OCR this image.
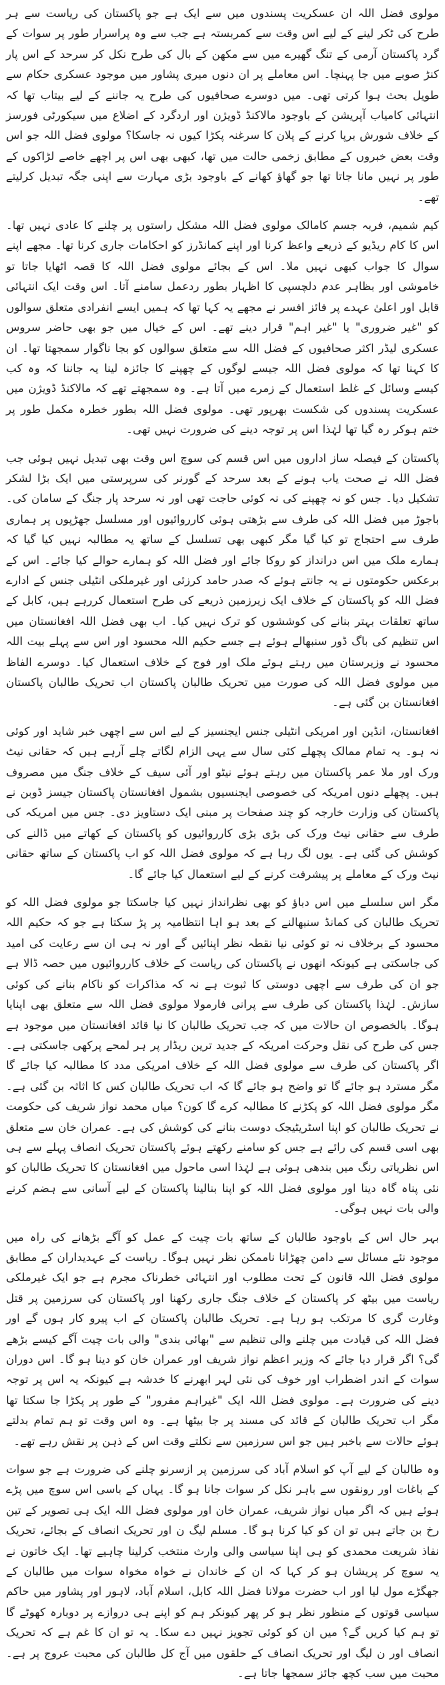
مولوی فضل اللہ ان عسکریت پسندوں میں سے ایک ہے جو پاکستان کی ریاست سے ہر طرح کی ٹکر لینے کے لیے اس وقت سے کمربستہ ہے جب سے وہ پراسرار طور پر سوات کے گرد پاکستان آرمی کے تنگ گھیرے میں سے مکھن کے بال کی طرح نکل کر سرحد کے اس پار کنڑ صوبے میں جا پہنچا۔ اس معاملے پر ان دنوں میری پشاور میں موجود عسکری حکام سے طویل بحث ہوا کرتی تھی۔ میں دوسرے صحافیوں کی طرح یہ جاننے کے لیے بیتاب تھا کہ انتہائی کامیاب آپریشن کے باوجود مالاکنڈ ڈویژن اور اردگرد کے اضلاع میں سیکورٹی فورسز کے خلاف شورش برپا کرنے کے پلان کا سرغنہ پکڑا کیوں نہ جاسکا؟ مولوی فضل اللہ جو اس وقت بعض خبروں کے مطابق زخمی حالت میں تھا، کبھی بھی اس پر اچھے خاصے لڑاکوں کے طور پر نہیں مانا جاتا تھا جو گھاؤ کھانے کے باوجود بڑی مہارت سے اپنی جگہ تبدیل کرلیتے تھے۔

کیم شمیم، فربہ جسم کامالک مولوی فضل اللہ مشکل راستوں پر چلنے کا عادی نہیں تھا۔ اس کا کام ریڈیو کے ذریعے واعظ کرنا اور اپنے کمانڈرز کو احکامات جاری کرنا تھا۔ مجھے اپنے سوال کا جواب کبھی نہیں ملا۔ اس کے بجائے مولوی فضل اللہ کا قصہ اٹھایا جاتا تو خاموشی اور بظاہر عدم دلچسپی کا اظہار بطور ردعمل سامنے آتا۔ اس وقت ایک انتہائی قابل اور اعلیٰ عہدے پر فائز افسر نے مجھے یہ کہا تھا کہ ہمیں ایسے انفرادی متعلق سوالوں کو "غیر ضروری" یا "غیر اہم" قرار دینے تھے۔ اس کے خیال میں جو بھی حاضر سروس عسکری لیڈر اکثر صحافیوں کے فضل اللہ سے متعلق سوالوں کو بجا ناگوار سمجھتا تھا۔ ان کا کہنا تھا کہ مولوی فضل اللہ جیسے لوگوں کے چھپنے کا جائزہ لینا یہ جاننا کہ وہ کب کیسے وسائل کے غلط استعمال کے زمرے میں آتا ہے۔ وہ سمجھتے تھے کہ مالاکنڈ ڈویژن میں عسکریت پسندوں کی شکست بھرپور تھی۔ مولوی فضل اللہ بطور خطرہ مکمل طور پر ختم ہوکر رہ گیا تھا لہٰذا اس پر توجہ دینے کی ضرورت نہیں تھی۔

پاکستان کے فیصلہ ساز اداروں میں اس قسم کی سوچ اس وقت بھی تبدیل نہیں ہوئی جب فضل اللہ نے صحت یاب ہونے کے بعد سرحد کے گورنر کی سرپرستی میں ایک بڑا لشکر تشکیل دیا۔ جس کو نہ چھپنے کی نہ کوئی حاجت تھی اور نہ سرحد پار جنگ کے سامان کی۔ باجوڑ میں فضل اللہ کی طرف سے بڑھتی ہوئی کارروائیوں اور مسلسل جھڑپوں پر ہماری طرف سے احتجاج تو کیا گیا مگر کبھی بھی تسلسل کے ساتھ یہ مطالبہ نہیں کیا گیا کہ ہمارے ملک میں اس درانداز کو روکا جائے اور فضل اللہ کو ہمارے حوالے کیا جائے۔ اس کے برعکس حکومتوں نے یہ جانتے ہوئے کہ صدر حامد کرزئی اور غیرملکی انٹیلی جنس کے ادارے فضل اللہ کو پاکستان کے خلاف ایک زیرزمین ذریعے کی طرح استعمال کررہے ہیں، کابل کے ساتھ تعلقات بہتر بنانے کی کوششوں کو ترک نہیں کیا۔ اب بھی فضل اللہ افغانستان میں اس تنظیم کی باگ ڈور سنبھالے ہوئے ہے جسے حکیم اللہ محسود اور اس سے پہلے بیت اللہ محسود نے وزیرستان میں رہتے ہوئے ملک اور فوج کے خلاف استعمال کیا۔ دوسرے الفاظ میں مولوی فضل اللہ کی صورت میں تحریک طالبان پاکستان اب تحریک طالبان پاکستان افغانستان بن گئی ہے۔

افغانستان، انڈین اور امریکی انٹیلی جنس ایجنسیز کے لیے اس سے اچھی خبر شاید اور کوئی نہ ہو۔ یہ تمام ممالک پچھلے کئی سال سے یہی الزام لگاتے چلے آرہے ہیں کہ حقانی نیٹ ورک اور ملا عمر پاکستان میں رہتے ہوئے نیٹو اور آئی سیف کے خلاف جنگ میں مصروف ہیں۔ پچھلے دنوں امریکہ کی خصوصی ایجنسیوں بشمول افغانستان پاکستان جیسز ڈوبن نے پاکستان کی وزارت خارجہ کو چند صفحات پر مبنی ایک دستاویز دی۔ جس میں امریکہ کی طرف سے حقانی نیٹ ورک کی بڑی بڑی کارروائیوں کو پاکستان کے کھاتے میں ڈالنے کی کوشش کی گئی ہے۔ یوں لگ رہا ہے کہ مولوی فضل اللہ کو اب پاکستان کے ساتھ حقانی نیٹ ورک کے معاملے پر پیشرفت کرنے کے لیے استعمال کیا جائے گا۔

مگر اس سلسلے میں اس دباؤ کو بھی نظرانداز نہیں کیا جاسکتا جو مولوی فضل اللہ کو تحریک طالبان کی کمانڈ سنبھالنے کے بعد ہو اہا انتظامیہ پر پڑ سکتا ہے جو کہ حکیم اللہ محسود کے برخلاف نہ تو کوئی نیا نقطہ نظر اپنائیں گے اور نہ ہی ان سے رعایت کی امید کی جاسکتی ہے کیونکہ انھوں نے پاکستان کی ریاست کے خلاف کارروائیوں میں حصہ ڈالا ہے جو ان کی طرف سے اچھی دوستی کا ثبوت ہے نہ کہ مذاکرات کو ناکام بنانے کی کوئی سازش۔ لہٰذا پاکستان کی طرف سے پرانی فارمولا مولوی فضل اللہ سے متعلق بھی اپنایا ہوگا۔ بالخصوص ان حالات میں کہ جب تحریک طالبان کا نیا قائد افغانستان میں موجود ہے جس کی طرح کی نقل وحرکت امریکہ کے جدید ترین ریڈار پر ہر لمحے پرکھی جاسکتی ہے۔ اگر پاکستان کی طرف سے مولوی فضل اللہ کے خلاف امریکی مدد کا مطالبہ کیا جائے گا مگر مسترد ہو جائے گا تو واضح ہو جائے گا کہ اب تحریک طالبان کس کا اثاثہ بن گئی ہے۔ مگر مولوی فضل اللہ کو پکڑنے کا مطالبہ کرے گا کون؟ میاں محمد نواز شریف کی حکومت نے تحریک طالبان کو اپنا اسٹریٹیجک دوست بنانے کی کوشش کی ہے۔ عمران خان سے متعلق بھی اسی قسم کی رائے ہے جس کو سامنے رکھتے ہوئے پاکستان تحریک انصاف پہلے سے ہی اس نظریاتی رنگ میں بندھی ہوئی ہے لہٰذا اسی ماحول میں افغانستان کا تحریک طالبان کو نئی پناہ گاہ دینا اور مولوی فضل اللہ کو اپنا بنالینا پاکستان کے لیے آسانی سے ہضم کرنے والی بات نہیں ہوگی۔

بہر حال اس کے باوجود طالبان کے ساتھ بات چیت کے عمل کو آگے بڑھانے کی راہ میں موجود نئے مسائل سے دامن چھڑانا ناممکن نظر نہیں ہوگا۔ ریاست کے عہدیداران کے مطابق مولوی فضل اللہ قانون کے تحت مطلوب اور انتہائی خطرناک مجرم ہے جو ایک غیرملکی ریاست میں بیٹھ کر پاکستان کے خلاف جنگ جاری رکھنا اور پاکستان کی سرزمین پر قتل وغارت گری کا مرتکب ہو رہا ہے۔ تحریک طالبان پاکستان کے اب پیرو کار ہوں گے اور فضل اللہ کی قیادت میں چلنے والی تنظیم سے "بھائی بندی" والی بات چیت آگے کیسے بڑھے گی؟ اگر قرار دیا جائے کہ وزیر اعظم نواز شریف اور عمران خان کو دینا ہو گا۔ اس دوران سوات کے اندر اضطراب اور خوف کی نئی لہر ابھرنے کا خدشہ ہے کیونکہ یہ اس پر توجہ دینے کی ضرورت ہے۔ مولوی فضل اللہ ایک "غیراہم مفرور" کے طور پر پکڑا جا سکتا تھا مگر اب تحریک طالبان کے قائد کی مسند پر جا بیٹھا ہے۔ وہ اس وقت تو ہم تمام بدلتے ہوئے حالات سے باخبر ہیں جو اس سرزمین سے نکلتے وقت اس کے ذہن پر نقش رہے تھے۔

وہ طالبان کے لیے آپ کو اسلام آباد کی سرزمین پر ازسرنو چلنے کی ضرورت ہے جو سوات کے باغات اور رونقوں سے باہر نکل کر سوات جانا ہو گا۔ یہاں کے باسی اس سوچ میں پڑے ہوئے ہیں کہ اگر میاں نواز شریف، عمران خان اور مولوی فضل اللہ ایک ہی تصویر کے تین رخ بن جاتے ہیں تو ان کو کیا کرنا ہو گا۔ مسلم لیگ ن اور تحریک انصاف کے بجائے، تحریک نفاذ شریعت محمدی کو ہی اپنا سیاسی والی وارث منتخب کرلینا چاہیے تھا۔ ایک خاتون نے یہ سوچ کر پریشان ہو کر کہا کہ ان کے خاندان نے خواہ مخواہ سوات میں طالبان کے جھگڑے مول لیا اور اب حضرت مولانا فضل اللہ کابل، اسلام آباد، لاہور اور پشاور میں حاکم سیاسی قوتوں کے منظور نظر ہو کر پھر کیونکر ہم کو اپنے ہی دروازے پر دوبارہ کھوٹے گا تو ہم کیا کریں گے؟ میں ان کو کوئی تجویز نہیں دے سکا۔ یہ تو ان کا غم ہے کہ تحریک انصاف اور ن لیگ اور تحریک انصاف کے حلقوں میں آج کل طالبان کی محبت عروج پر ہے۔ محبت میں سب کچھ جائز سمجھا جاتا ہے۔
